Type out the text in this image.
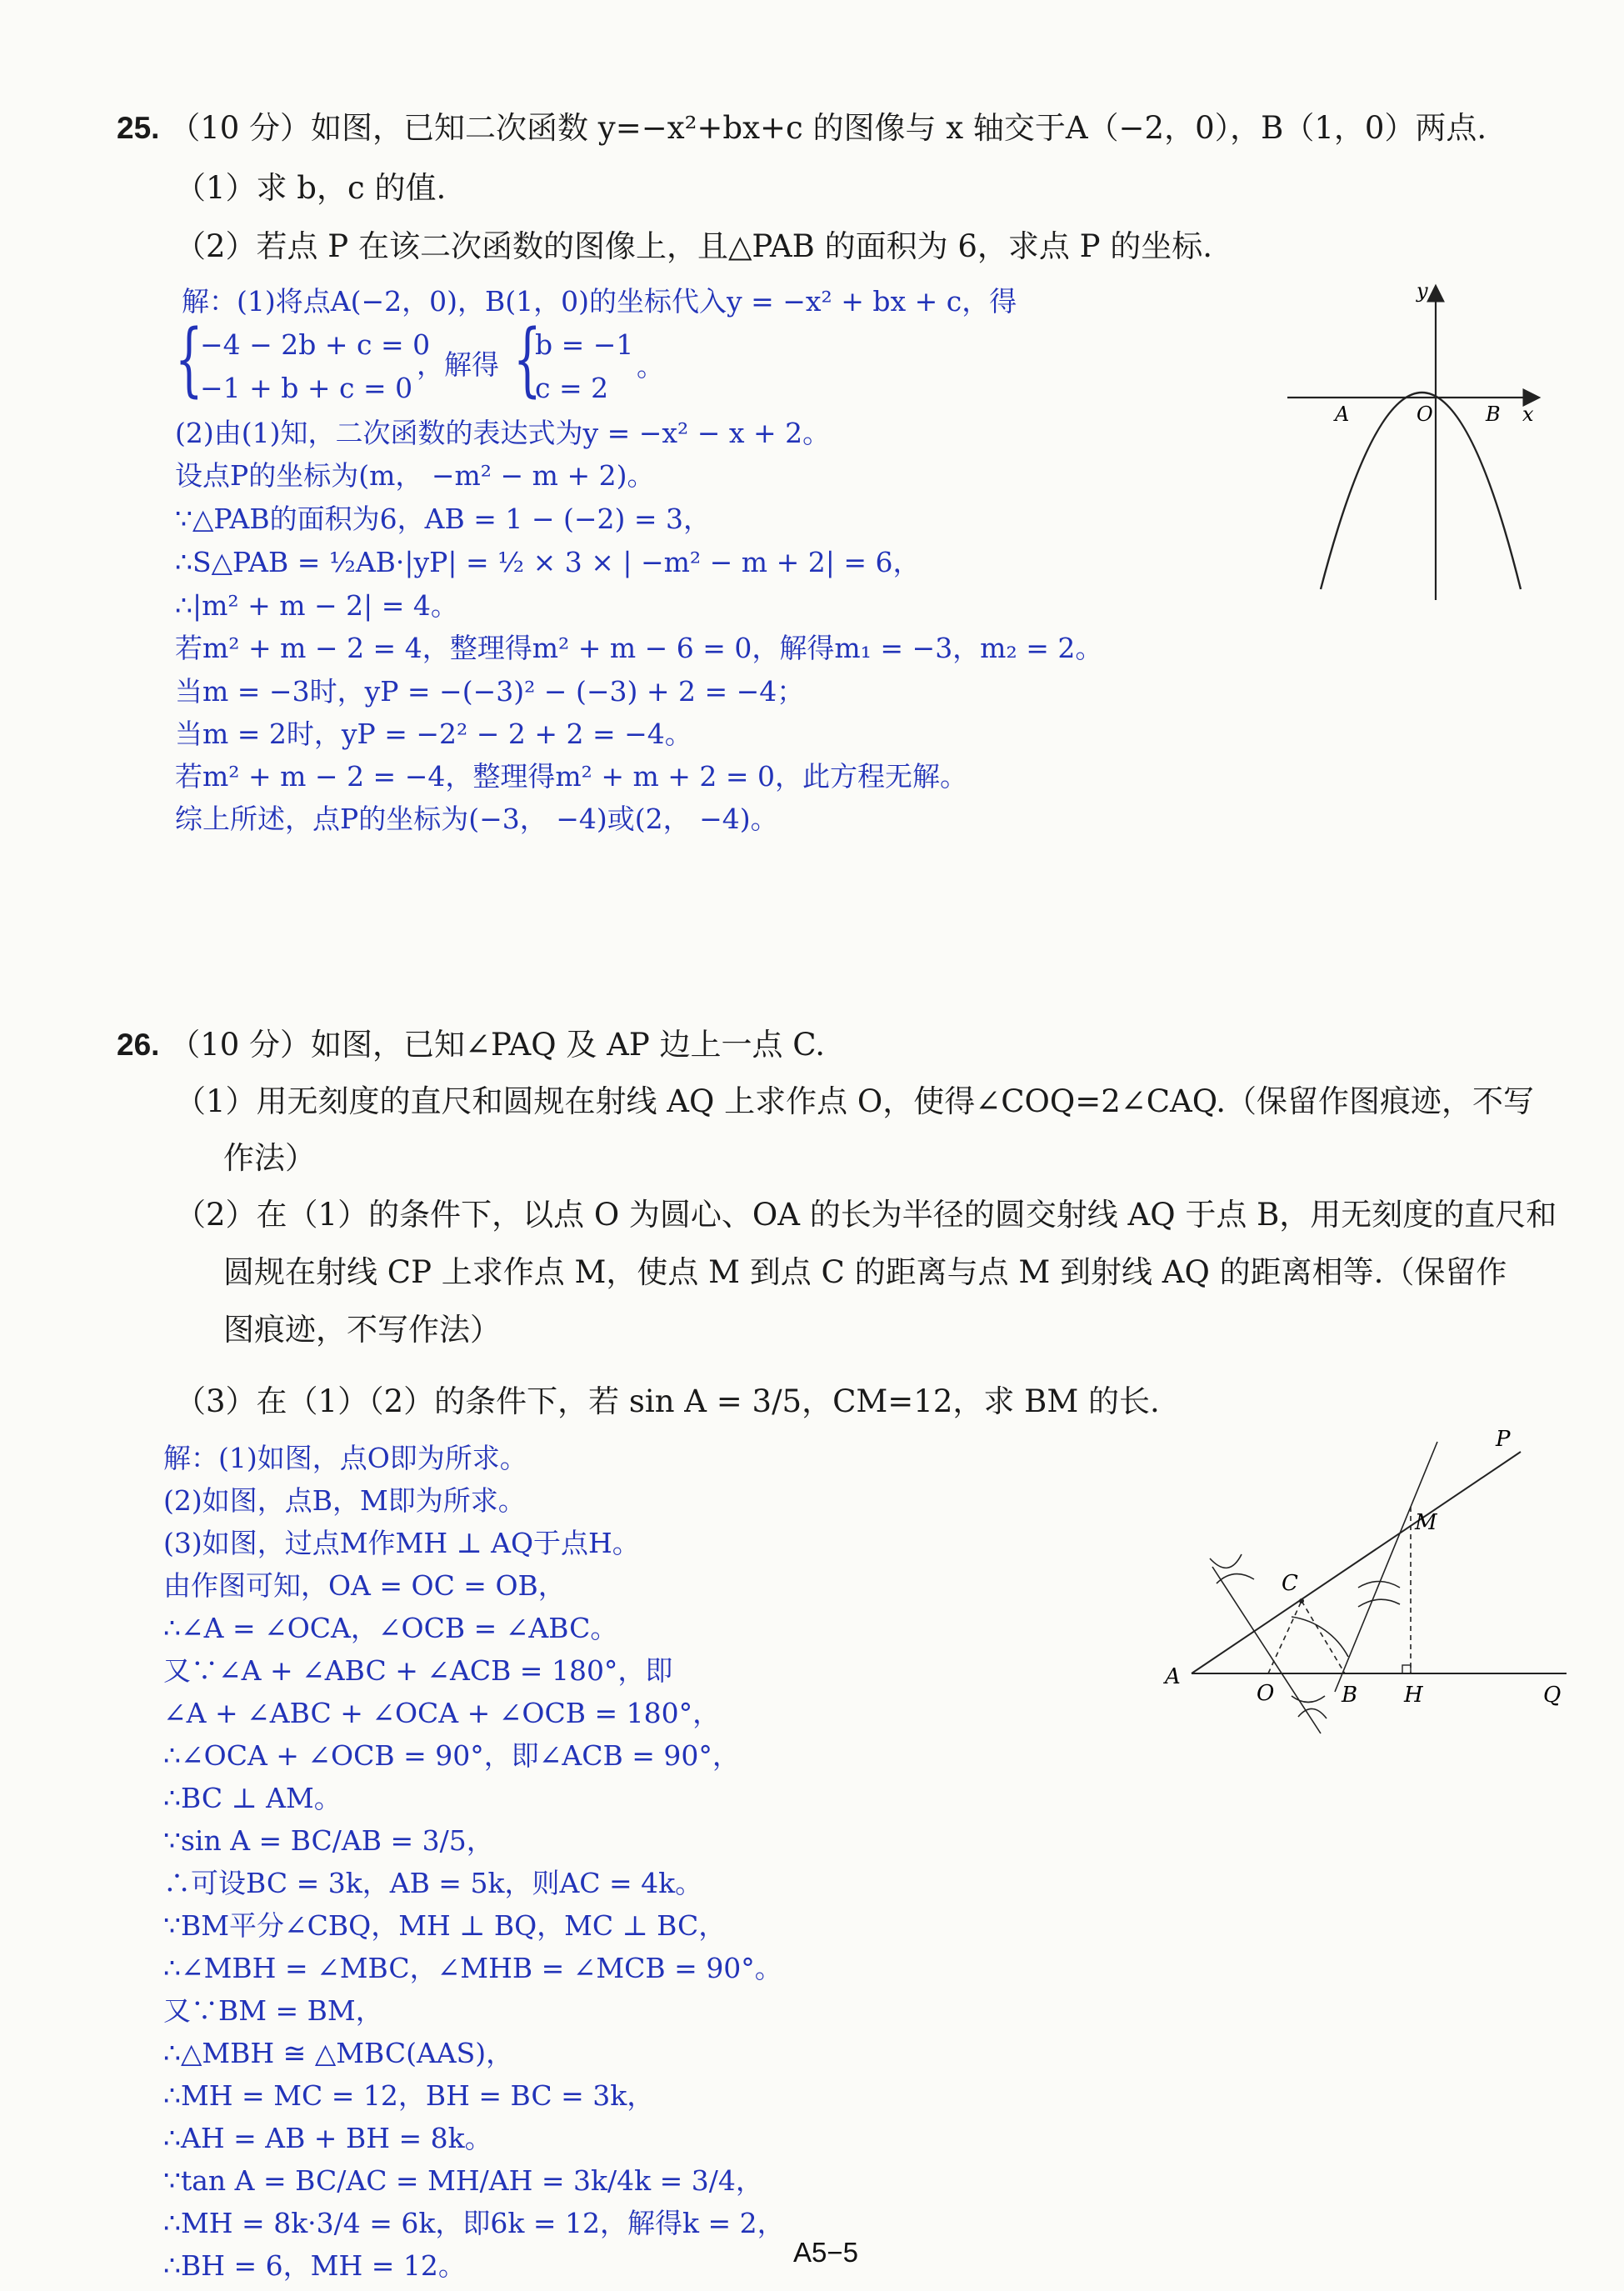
25. （10 分）如图，已知二次函数 y=−x²+bx+c 的图像与 x 轴交于A（−2，0），B（1，0）两点.
（1）求 b，c 的值.
（2）若点 P 在该二次函数的图像上，且△PAB 的面积为 6，求点 P 的坐标.
解：(1)将点A(−2，0)，B(1，0)的坐标代入y = −x² + bx + c，得
{
−4 − 2b + c = 0
−1 + b + c = 0
，解得 {
b = −1
c = 2
。
(2)由(1)知，二次函数的表达式为y = −x² − x + 2。
设点P的坐标为(m， −m² − m + 2)。
∵△PAB的面积为6，AB = 1 − (−2) = 3，
∴S△PAB = ½AB·|yP| = ½ × 3 × | −m² − m + 2| = 6，
∴|m² + m − 2| = 4。
若m² + m − 2 = 4，整理得m² + m − 6 = 0，解得m₁ = −3，m₂ = 2。
当m = −3时，yP = −(−3)² − (−3) + 2 = −4；
当m = 2时，yP = −2² − 2 + 2 = −4。
若m² + m − 2 = −4，整理得m² + m + 2 = 0，此方程无解。
综上所述，点P的坐标为(−3， −4)或(2， −4)。
y
x
A	O	B
26. （10 分）如图，已知∠PAQ 及 AP 边上一点 C.
（1）用无刻度的直尺和圆规在射线 AQ 上求作点 O，使得∠COQ=2∠CAQ.（保留作图痕迹，不写
作法）
（2）在（1）的条件下，以点 O 为圆心、OA 的长为半径的圆交射线 AQ 于点 B，用无刻度的直尺和
圆规在射线 CP 上求作点 M，使点 M 到点 C 的距离与点 M 到射线 AQ 的距离相等.（保留作
图痕迹，不写作法）
（3）在（1）（2）的条件下，若 sin A = 3/5，CM=12，求 BM 的长.
解：(1)如图，点O即为所求。
(2)如图，点B，M即为所求。
(3)如图，过点M作MH ⊥ AQ于点H。
由作图可知，OA = OC = OB，
∴∠A = ∠OCA，∠OCB = ∠ABC。
又∵∠A + ∠ABC + ∠ACB = 180°，即
∠A + ∠ABC + ∠OCA + ∠OCB = 180°，
∴∠OCA + ∠OCB = 90°，即∠ACB = 90°，
∴BC ⊥ AM。
∵sin A = BC/AB = 3/5，
∴可设BC = 3k，AB = 5k，则AC = 4k。
∵BM平分∠CBQ，MH ⊥ BQ，MC ⊥ BC，
∴∠MBH = ∠MBC，∠MHB = ∠MCB = 90°。
又∵BM = BM，
∴△MBH ≅ △MBC(AAS)，
∴MH = MC = 12，BH = BC = 3k，
∴AH = AB + BH = 8k。
∵tan A = BC/AC = MH/AH = 3k/4k = 3/4，
∴MH = 8k·3/4 = 6k，即6k = 12，解得k = 2，
∴BH = 6，MH = 12。
P
M
C
A
O	B H	Q
A5−5
